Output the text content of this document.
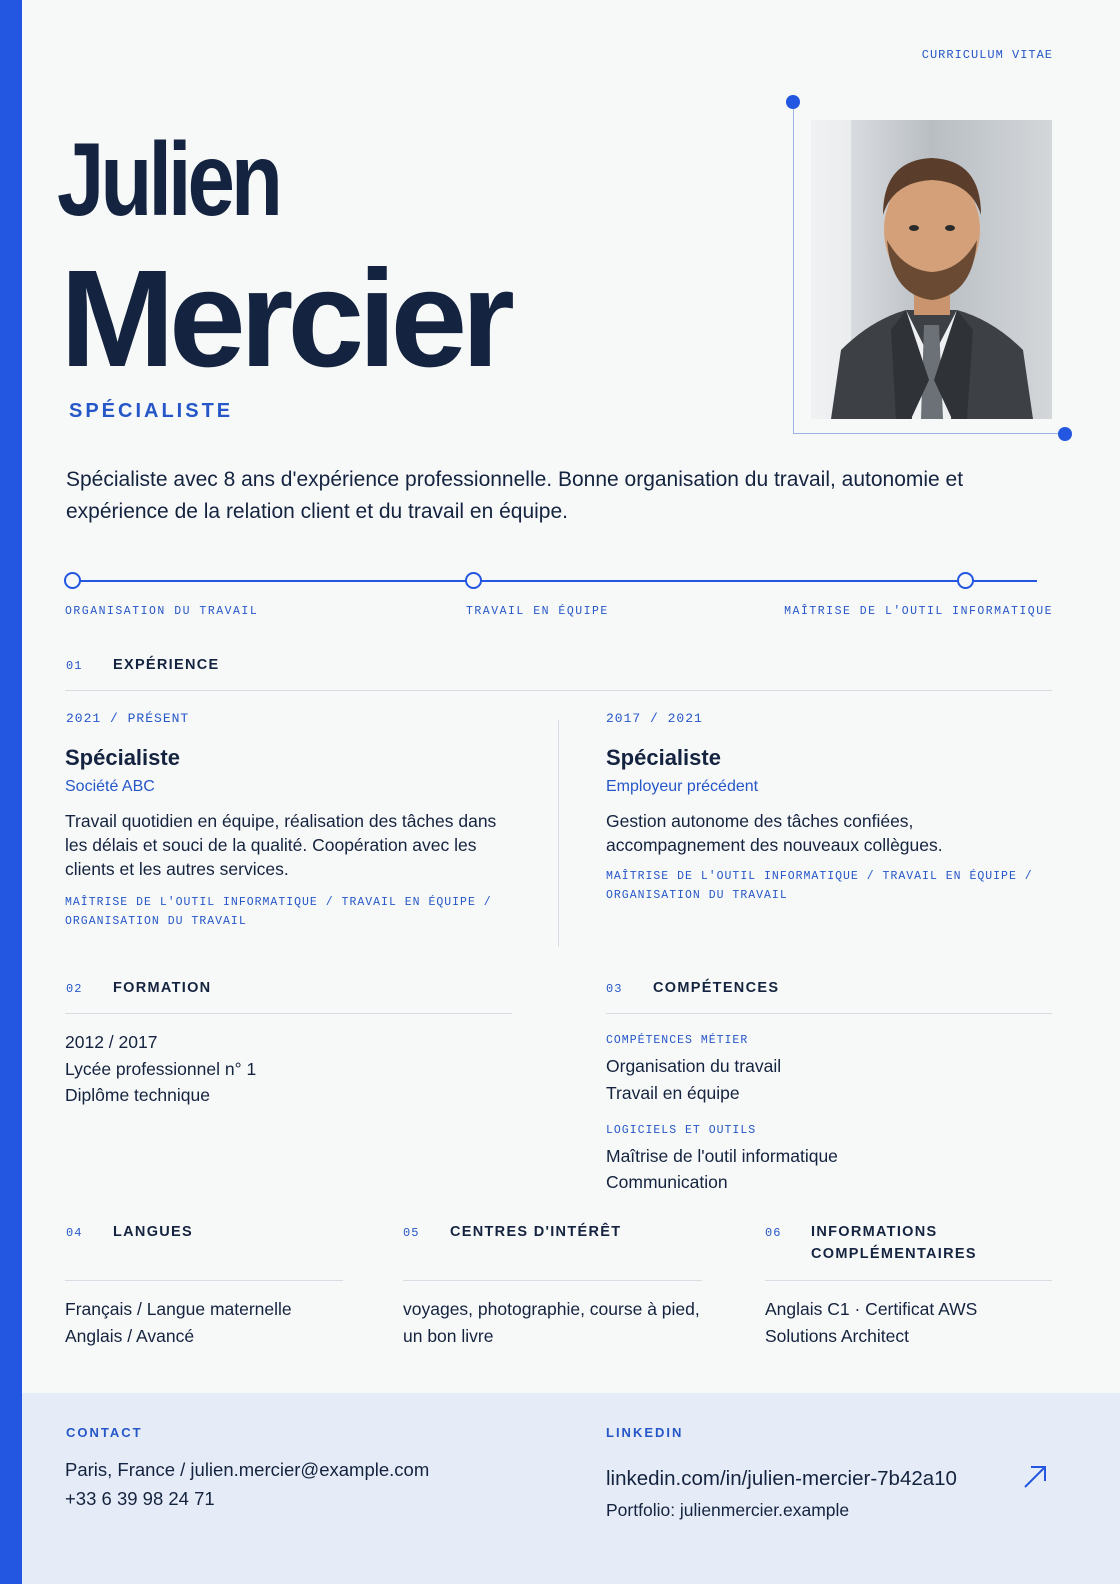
CURRICULUM VITAE
Julien
Mercier
SPÉCIALISTE
Spécialiste avec 8 ans d'expérience professionnelle. Bonne organisation du travail, autonomie et expérience de la relation client et du travail en équipe.
ORGANISATION DU TRAVAIL	TRAVAIL EN ÉQUIPE	MAÎTRISE DE L'OUTIL INFORMATIQUE
01 EXPÉRIENCE
2021 / PRÉSENT
Spécialiste
Société ABC
Travail quotidien en équipe, réalisation des tâches dans les délais et souci de la qualité. Coopération avec les clients et les autres services.
MAÎTRISE DE L'OUTIL INFORMATIQUE / TRAVAIL EN ÉQUIPE / ORGANISATION DU TRAVAIL
2017 / 2021
Spécialiste
Employeur précédent
Gestion autonome des tâches confiées, accompagnement des nouveaux collègues.
MAÎTRISE DE L'OUTIL INFORMATIQUE / TRAVAIL EN ÉQUIPE / ORGANISATION DU TRAVAIL
02 FORMATION
2012 / 2017
Lycée professionnel n° 1
Diplôme technique
03 COMPÉTENCES
COMPÉTENCES MÉTIER
Organisation du travail
Travail en équipe
LOGICIELS ET OUTILS
Maîtrise de l'outil informatique
Communication
04 LANGUES
Français / Langue maternelle
Anglais / Avancé
05 CENTRES D'INTÉRÊT
voyages, photographie, course à pied,
un bon livre
06 INFORMATIONS
COMPLÉMENTAIRES
Anglais C1 · Certificat AWS
Solutions Architect
CONTACT
Paris, France / julien.mercier@example.com
+33 6 39 98 24 71
LINKEDIN
linkedin.com/in/julien-mercier-7b42a10
Portfolio: julienmercier.example
